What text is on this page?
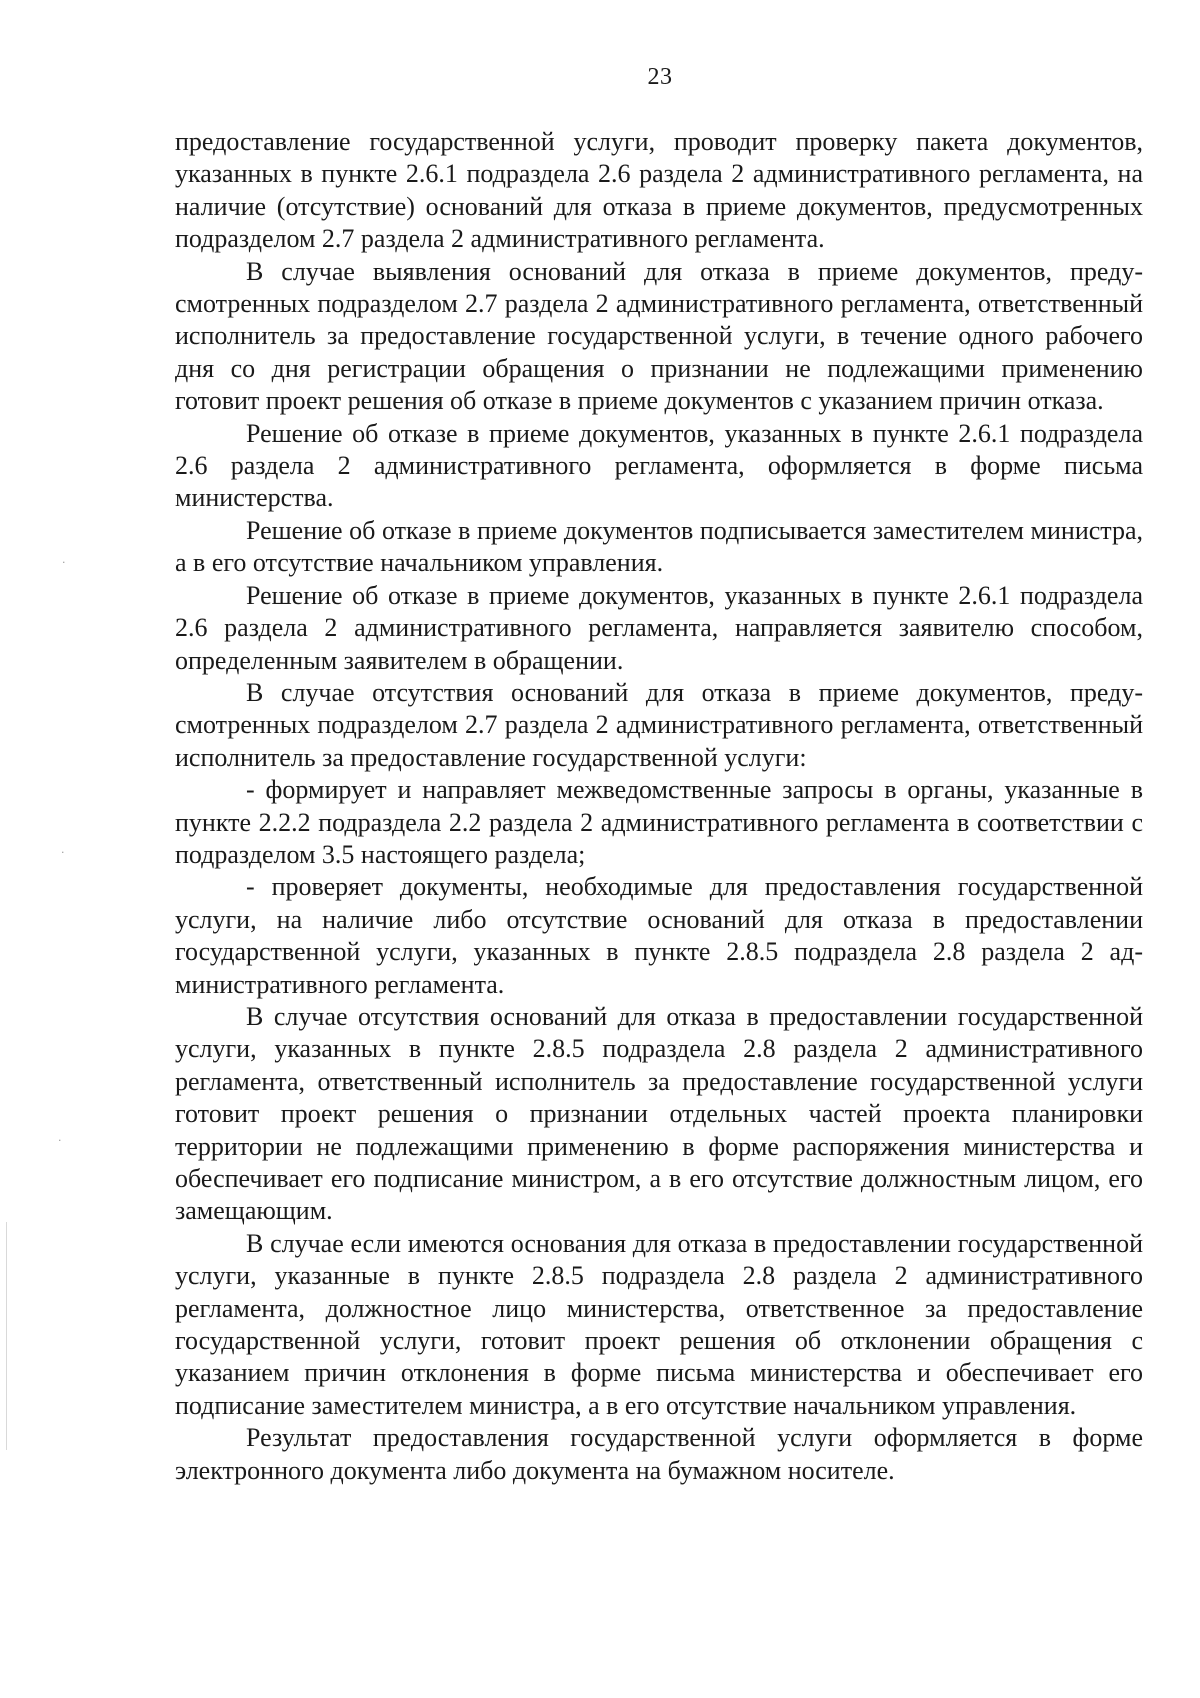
23

предоставление государственной услуги, проводит проверку пакета документов, указанных в пункте 2.6.1 подраздела 2.6 раздела 2 административного регламента, на наличие (отсутствие) оснований для отказа в приеме документов, предусмотренных подразделом 2.7 раздела 2 административного регламента.

В случае выявления оснований для отказа в приеме документов, предусмотренных подразделом 2.7 раздела 2 административного регламента, ответственный исполнитель за предоставление государственной услуги, в течение одного рабочего дня со дня регистрации обращения о признании не подлежащими применению готовит проект решения об отказе в приеме документов с указанием причин отказа.

Решение об отказе в приеме документов, указанных в пункте 2.6.1 подраздела 2.6 раздела 2 административного регламента, оформляется в форме письма министерства.

Решение об отказе в приеме документов подписывается заместителем министра, а в его отсутствие начальником управления.

Решение об отказе в приеме документов, указанных в пункте 2.6.1 подраздела 2.6 раздела 2 административного регламента, направляется заявителю способом, определенным заявителем в обращении.

В случае отсутствия оснований для отказа в приеме документов, предусмотренных подразделом 2.7 раздела 2 административного регламента, ответственный исполнитель за предоставление государственной услуги:

- формирует и направляет межведомственные запросы в органы, указанные в пункте 2.2.2 подраздела 2.2 раздела 2 административного регламента в соответствии с подразделом 3.5 настоящего раздела;

- проверяет документы, необходимые для предоставления государственной услуги, на наличие либо отсутствие оснований для отказа в предоставлении государственной услуги, указанных в пункте 2.8.5 подраздела 2.8 раздела 2 административного регламента.

В случае отсутствия оснований для отказа в предоставлении государственной услуги, указанных в пункте 2.8.5 подраздела 2.8 раздела 2 административного регламента, ответственный исполнитель за предоставление государственной услуги готовит проект решения о признании отдельных частей проекта планировки территории не подлежащими применению в форме распоряжения министерства и обеспечивает его подписание министром, а в его отсутствие должностным лицом, его замещающим.

В случае если имеются основания для отказа в предоставлении государственной услуги, указанные в пункте 2.8.5 подраздела 2.8 раздела 2 административного регламента, должностное лицо министерства, ответственное за предоставление государственной услуги, готовит проект решения об отклонении обращения с указанием причин отклонения в форме письма министерства и обеспечивает его подписание заместителем министра, а в его отсутствие начальником управления.

Результат предоставления государственной услуги оформляется в форме электронного документа либо документа на бумажном носителе.

·
·
·
